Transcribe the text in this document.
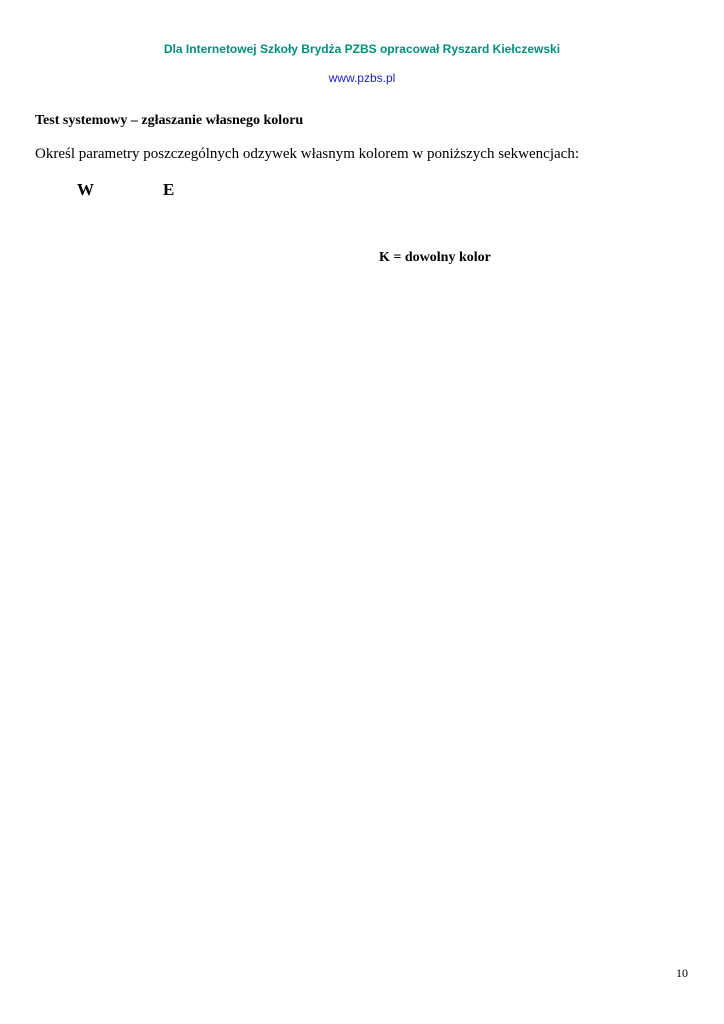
Dla Internetowej Szkoły Brydża PZBS opracował Ryszard Kiełczewski
www.pzbs.pl
Test systemowy – zgłaszanie własnego koloru
Określ parametry poszczególnych odzywek własnym kolorem w poniższych sekwencjach:
W	E
K = dowolny kolor
10
